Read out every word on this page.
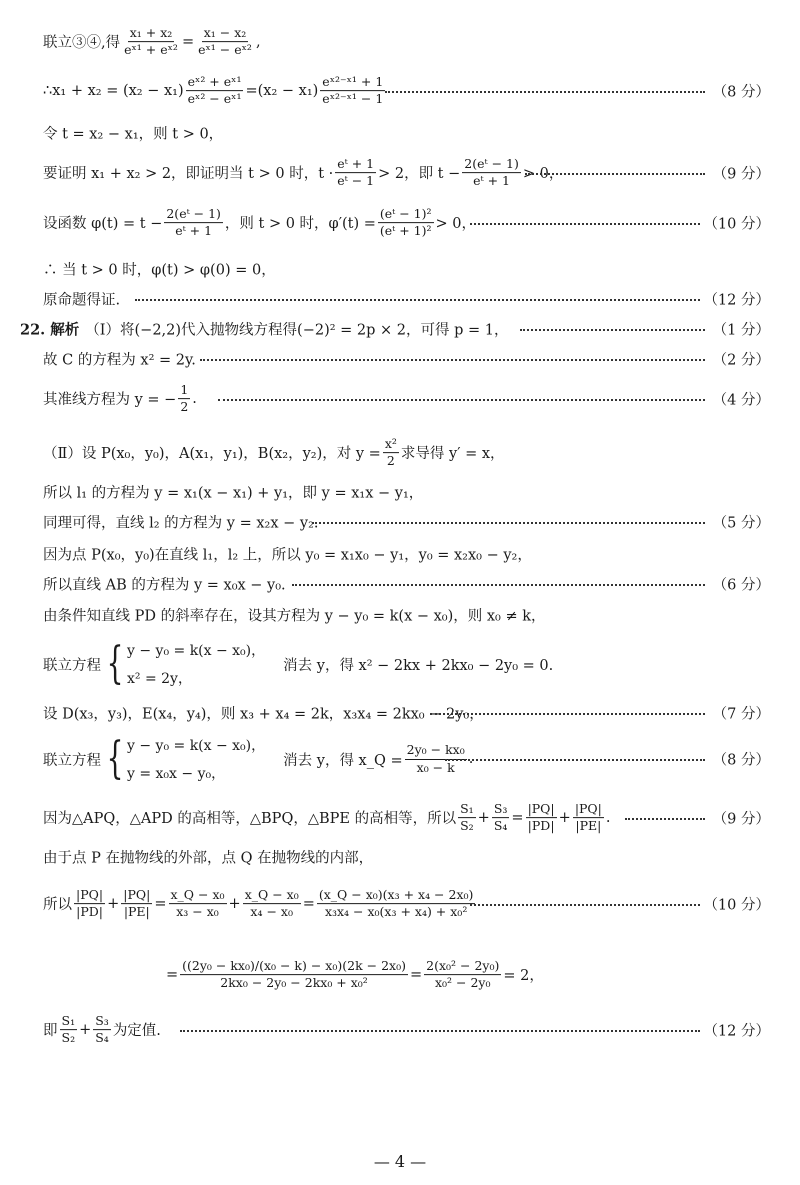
联立③④,得 $\frac{\text{x₁ + x₂}}{\text{eˣ¹ + eˣ²}} = \frac{\text{x₁ − x₂}}{\text{eˣ¹ − eˣ²}}$ ,
∴ $x_1 + x_2 = (x_2 - x_1) \frac{\text{eˣ² + eˣ¹}}{\text{eˣ² − eˣ¹}} = (x_2 - x_1) \frac{\text{eˣ²⁻ˣ¹ + 1}}{\text{eˣ²⁻ˣ¹ − 1}}$	（8 分）
令 t = x₂ − x₁，则 t > 0，
要证明 x₁ + x₂ > 2，即证明当 t > 0 时，$t \cdot \frac{\text{eᵗ + 1}}{\text{eᵗ − 1}} > 2$，即 $t - \frac{\text{2(eᵗ − 1)}}{\text{eᵗ + 1}} > 0$，	（9 分）
设函数 $\varphi(t) = t - \frac{\text{2(eᵗ − 1)}}{\text{eᵗ + 1}}$ ，则 t > 0 时，$\varphi'(t) = \frac{\text{(eᵗ − 1)²}}{\text{(eᵗ + 1)²}} > 0$，	（10 分）
∴ 当 t > 0 时，φ(t) > φ(0) = 0，
原命题得证.	（12 分）
22. 解析 （Ⅰ）将(−2,2)代入抛物线方程得(−2)² = 2p × 2，可得 p = 1，	（1 分）
故 C 的方程为 x² = 2y.	（2 分）
其准线方程为 y = − $\frac{1}{2}$ .	（4 分）
（Ⅱ）设 P(x₀，y₀)，A(x₁，y₁)，B(x₂，y₂)，对 $y = \frac{\text{x²}}{2}$ 求导得 y′ = x，
所以 l₁ 的方程为 y = x₁(x − x₁) + y₁，即 y = x₁x − y₁，
同理可得，直线 l₂ 的方程为 y = x₂x − y₂.	（5 分）
因为点 P(x₀，y₀)在直线 l₁，l₂ 上，所以 y₀ = x₁x₀ − y₁，y₀ = x₂x₀ − y₂，
所以直线 AB 的方程为 y = x₀x − y₀.	（6 分）
由条件知直线 PD 的斜率存在，设其方程为 y − y₀ = k(x − x₀)，则 x₀ ≠ k，
联立方程 { y − y₀ = k(x − x₀)，
x² = 2y，
消去 y，得 x² − 2kx + 2kx₀ − 2y₀ = 0.
设 D(x₃，y₃)，E(x₄，y₄)，则 x₃ + x₄ = 2k，x₃x₄ = 2kx₀ − 2y₀，	（7 分）
联立方程 { y − y₀ = k(x − x₀)，
y = x₀x − y₀，
消去 y，得 x_Q = $\frac{\text{2y₀ − kx₀}}{\text{x₀ − k}}$ .	（8 分）
因为△APQ，△APD 的高相等，△BPQ，△BPE 的高相等，所以 $\frac{\text{S₁}}{\text{S₂}} + \frac{\text{S₃}}{\text{S₄}} = \frac{|PQ|}{|PD|} + \frac{|PQ|}{|PE|}$ .	（9 分）
由于点 P 在抛物线的外部，点 Q 在抛物线的内部，
所以 $\frac{|PQ|}{|PD|} + \frac{|PQ|}{|PE|} = \frac{\text{x\_Q − x₀}}{\text{x₃ − x₀}} + \frac{\text{x\_Q − x₀}}{\text{x₄ − x₀}} = \frac{\text{(x\_Q − x₀)(x₃ + x₄ − 2x₀)}}{\text{x₃x₄ − x₀(x₃ + x₄) + x₀²}}$	（10 分）
= $\frac{\text{((2y₀ − kx₀)/(x₀ − k) − x₀)(2k − 2x₀)}}{\text{2kx₀ − 2y₀ − 2kx₀ + x₀²}} = \frac{\text{2(x₀² − 2y₀)}}{\text{x₀² − 2y₀}} = 2$，
即 $\frac{\text{S₁}}{\text{S₂}} + \frac{\text{S₃}}{\text{S₄}}$ 为定值.	（12 分）
— 4 —
